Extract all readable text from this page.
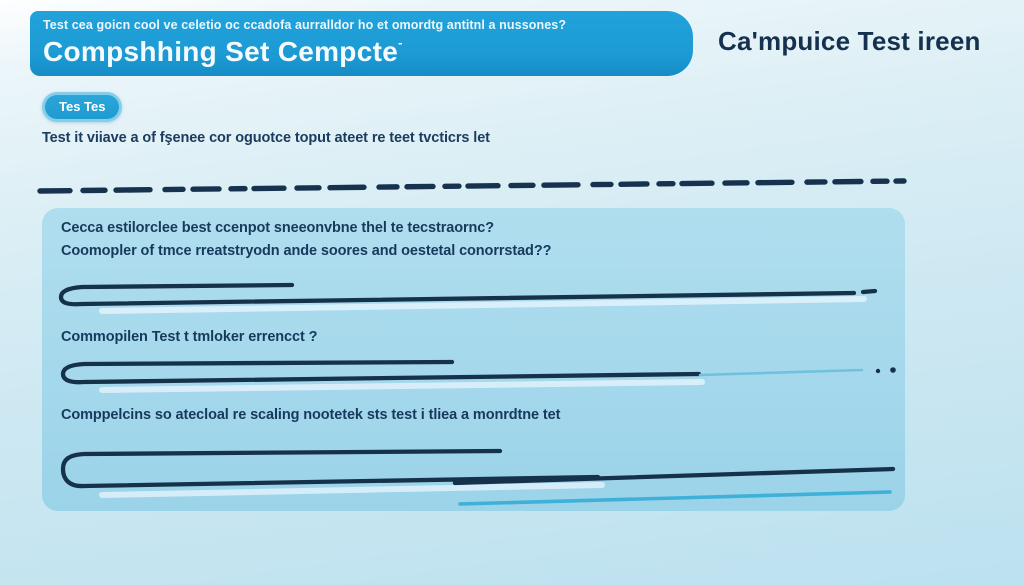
Test cea goicn cool ve celetio oc ccadofa aurralldor ho et omordtg antitnl a nussones?
Compshhing Set Cempcte-	Ca'mpuice Test ireen
Tes Tes
Test it viiave a of fşenee cor oguotce toput ateet re teet tvcticrs let
Cecca estilorclee best ccenpot sneeonvbne thel te tecstraornc?
Coomopler of tmce rreatstryodn ande soores and oestetal conorrstad??
Commopilen Test t tmloker errencct ?
Comppelcins so atecloal re scaling nootetek sts test i tliea a monrdtne tet
